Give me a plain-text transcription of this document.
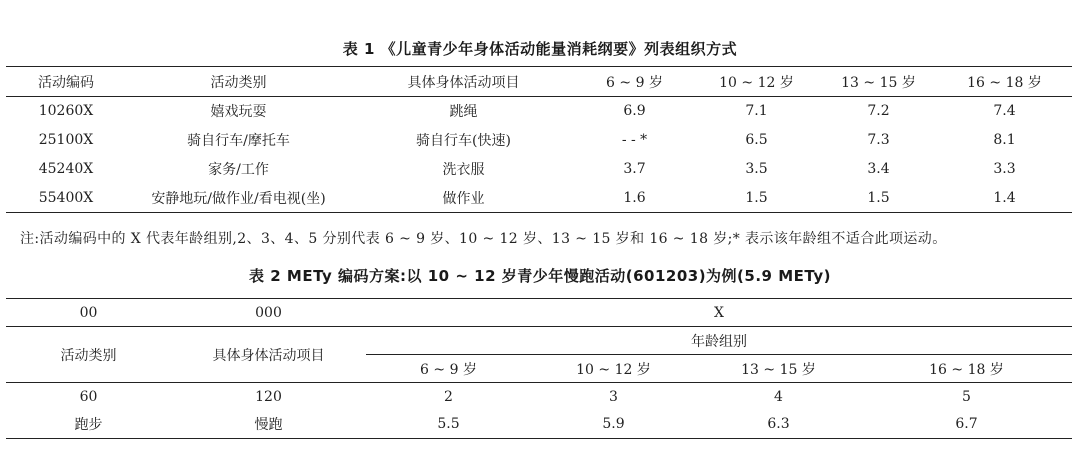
表 1 《儿童青少年身体活动能量消耗纲要》列表组织方式
活动编码	活动类别	具体身体活动项目	6 ~ 9 岁	10 ~ 12 岁	13 ~ 15 岁	16 ~ 18 岁
10260X	嬉戏玩耍	跳绳	6.9	7.1	7.2	7.4
25100X	骑自行车/摩托车	骑自行车(快速)	- - *	6.5	7.3	8.1
45240X	家务/工作	洗衣服	3.7	3.5	3.4	3.3
55400X	安静地玩/做作业/看电视(坐)	做作业	1.6	1.5	1.5	1.4
注:活动编码中的 X 代表年龄组别,2、3、4、5 分别代表 6 ~ 9 岁、10 ~ 12 岁、13 ~ 15 岁和 16 ~ 18 岁;* 表示该年龄组不适合此项运动。
表 2 METy 编码方案:以 10 ~ 12 岁青少年慢跑活动(601203)为例(5.9 METy)
00	000	X			
活动类别	具体身体活动项目	年龄组别			
		6 ~ 9 岁	10 ~ 12 岁	13 ~ 15 岁	16 ~ 18 岁
60	120	2	3	4	5
跑步	慢跑	5.5	5.9	6.3	6.7
